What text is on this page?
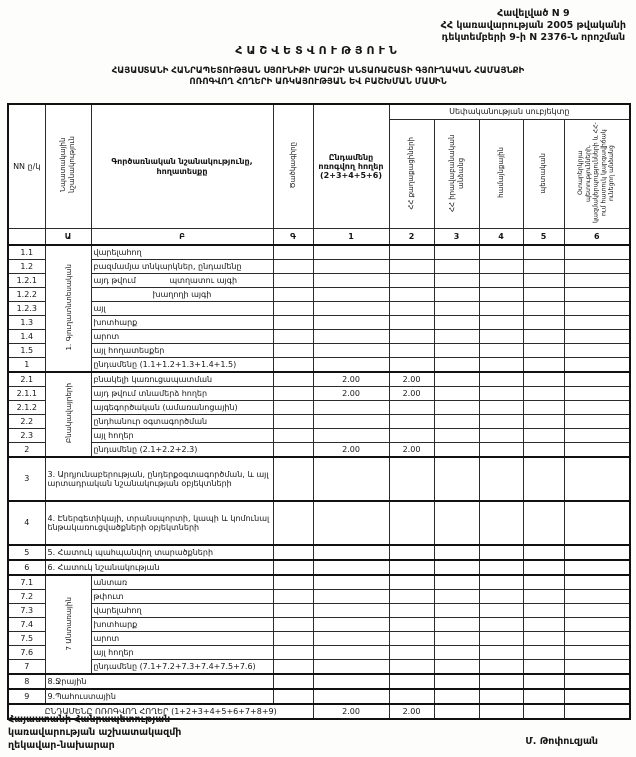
Հավելված N 9
ՀՀ կառավարության 2005 թվականի
դեկտեմբերի 9-ի N 2376-Ն որոշման
ՀԱՇՎԵՏՎՈՒԹՅՈՒՆ
ՀԱՅԱՍՏԱՆԻ ՀԱՆՐԱՊԵՏՈՒԹՅԱՆ ՍՅՈՒՆԻՔԻ ՄԱՐԶԻ ԱՆՏԱՌԱՇԱՏԻ ԳՅՈՒՂԱԿԱՆ ՀԱՄԱՅՆՔԻ
ՈՌՈԳՎՈՂ ՀՈՂԵՐԻ ԱՌԿԱՅՈՒԹՅԱՆ ԵՎ ԲԱՇԽՄԱՆ ՄԱՍԻՆ
NN ը/կ	Նպատակային նշանակություն	Գործառնական նշանակությունը, հողատեսքը	Ծածկագիրը	Ընդամենը ոռոգվող հողեր (2+3+4+5+6)	Սեփականության սուբյեկտը				
					ՀՀ քաղաքացիների	ՀՀ իրավաբանական անձանց	համայնքային	պետական	Օտարերկրյա պետությունների, կազմակերպությունների և ՀՀ-ում հատուկ կարգավիճակ ունեցող անձանց
	Ա	Բ	Գ	1	2	3	4	5	6
1.1	1. Գյուղատնտեսական	վարելահող							
1.2		բազմամյա տնկարկներ, ընդամենը							
1.2.1		այդ թվում պտղատու այգի							

1.2.2		խաղողի այգի							
1.2.3		այլ							
1.3		խոտհարք							
1.4		արոտ							
1.5		այլ հողատեսքեր							
1		ընդամենը (1.1+1.2+1.3+1.4+1.5)							
2.1	Բնակավայրերի	բնակելի կառուցապատման		2.00	2.00				
2.1.1		այդ թվում տնամերձ հողեր		2.00	2.00				
2.1.2		այգեգործական (ամառանոցային)							
2.2		ընդհանուր օգտագործման							
2.3		այլ հողեր							
2		ընդամենը (2.1+2.2+2.3)		2.00	2.00				
3	3. Արդյունաբերության, ընդերքօգտագործման, և այլ արտադրական նշանակության օբյեկտների								
4	4. Էներգետիկայի, տրանսպորտի, կապի և կոմունալ ենթակառուցվածքների օբյեկտների								
5	5. Հատուկ պահպանվող տարածքների								
6	6. Հատուկ նշանակության								
7.1	7 Անտառային	անտառ							
7.2		թփուտ							
7.3		վարելահող							
7.4		խոտհարք							
7.5		արոտ							
7.6		այլ հողեր							
7		ընդամենը (7.1+7.2+7.3+7.4+7.5+7.6)							
8	8.Ջրային								
9	9.Պահուստային								
ԸՆԴԱՄԵՆԸ ՈՌՈԳՎՈՂ ՀՈՂԵՐ (1+2+3+4+5+6+7+8+9)				2.00	2.00				
Հայաստանի Հանրապետության
կառավարության աշխատակազմի
ղեկավար-նախարար	Մ. Թոփուզյան
